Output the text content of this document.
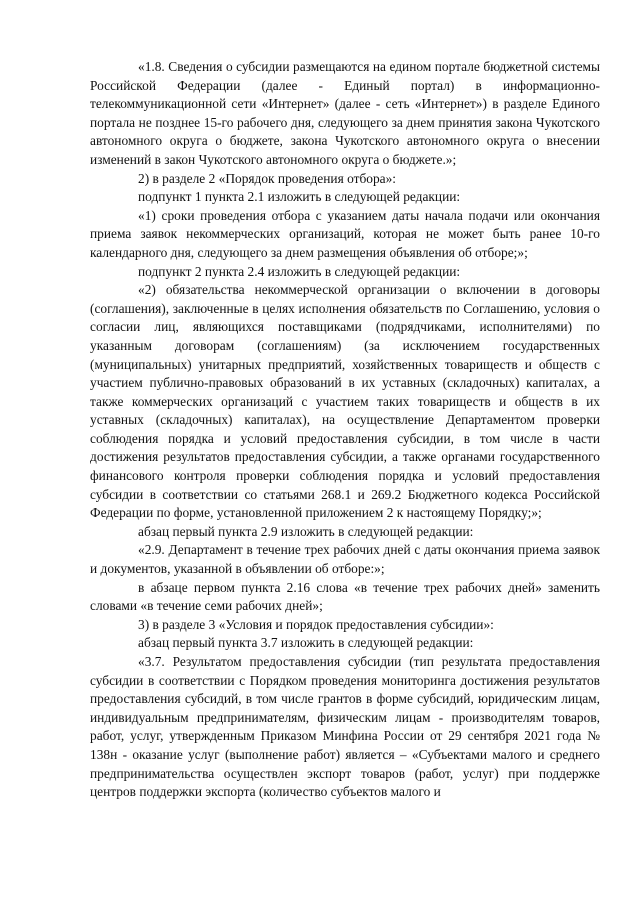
«1.8. Сведения о субсидии размещаются на едином портале бюджетной системы Российской Федерации (далее - Единый портал) в информационно-телекоммуникационной сети «Интернет» (далее - сеть «Интернет») в разделе Единого портала не позднее 15-го рабочего дня, следующего за днем принятия закона Чукотского автономного округа о бюджете, закона Чукотского автономного округа о внесении изменений в закон Чукотского автономного округа о бюджете.»;

2) в разделе 2 «Порядок проведения отбора»:

подпункт 1 пункта 2.1 изложить в следующей редакции:

«1) сроки проведения отбора с указанием даты начала подачи или окончания приема заявок некоммерческих организаций, которая не может быть ранее 10-го календарного дня, следующего за днем размещения объявления об отборе;»;

подпункт 2 пункта 2.4 изложить в следующей редакции:

«2) обязательства некоммерческой организации о включении в договоры (соглашения), заключенные в целях исполнения обязательств по Соглашению, условия о согласии лиц, являющихся поставщиками (подрядчиками, исполнителями) по указанным договорам (соглашениям) (за исключением государственных (муниципальных) унитарных предприятий, хозяйственных товариществ и обществ с участием публично-правовых образований в их уставных (складочных) капиталах, а также коммерческих организаций с участием таких товариществ и обществ в их уставных (складочных) капиталах), на осуществление Департаментом проверки соблюдения порядка и условий предоставления субсидии, в том числе в части достижения результатов предоставления субсидии, а также органами государственного финансового контроля проверки соблюдения порядка и условий предоставления субсидии в соответствии со статьями 268.1 и 269.2 Бюджетного кодекса Российской Федерации по форме, установленной приложением 2 к настоящему Порядку;»;

абзац первый пункта 2.9 изложить в следующей редакции:

«2.9. Департамент в течение трех рабочих дней с даты окончания приема заявок и документов, указанной в объявлении об отборе:»;

в абзаце первом пункта 2.16 слова «в течение трех рабочих дней» заменить словами «в течение семи рабочих дней»;

3) в разделе 3 «Условия и порядок предоставления субсидии»:

абзац первый пункта 3.7 изложить в следующей редакции:

«3.7. Результатом предоставления субсидии (тип результата предоставления субсидии в соответствии с Порядком проведения мониторинга достижения результатов предоставления субсидий, в том числе грантов в форме субсидий, юридическим лицам, индивидуальным предпринимателям, физическим лицам - производителям товаров, работ, услуг, утвержденным Приказом Минфина России от 29 сентября 2021 года № 138н - оказание услуг (выполнение работ) является – «Субъектами малого и среднего предпринимательства осуществлен экспорт товаров (работ, услуг) при поддержке центров поддержки экспорта (количество субъектов малого и
